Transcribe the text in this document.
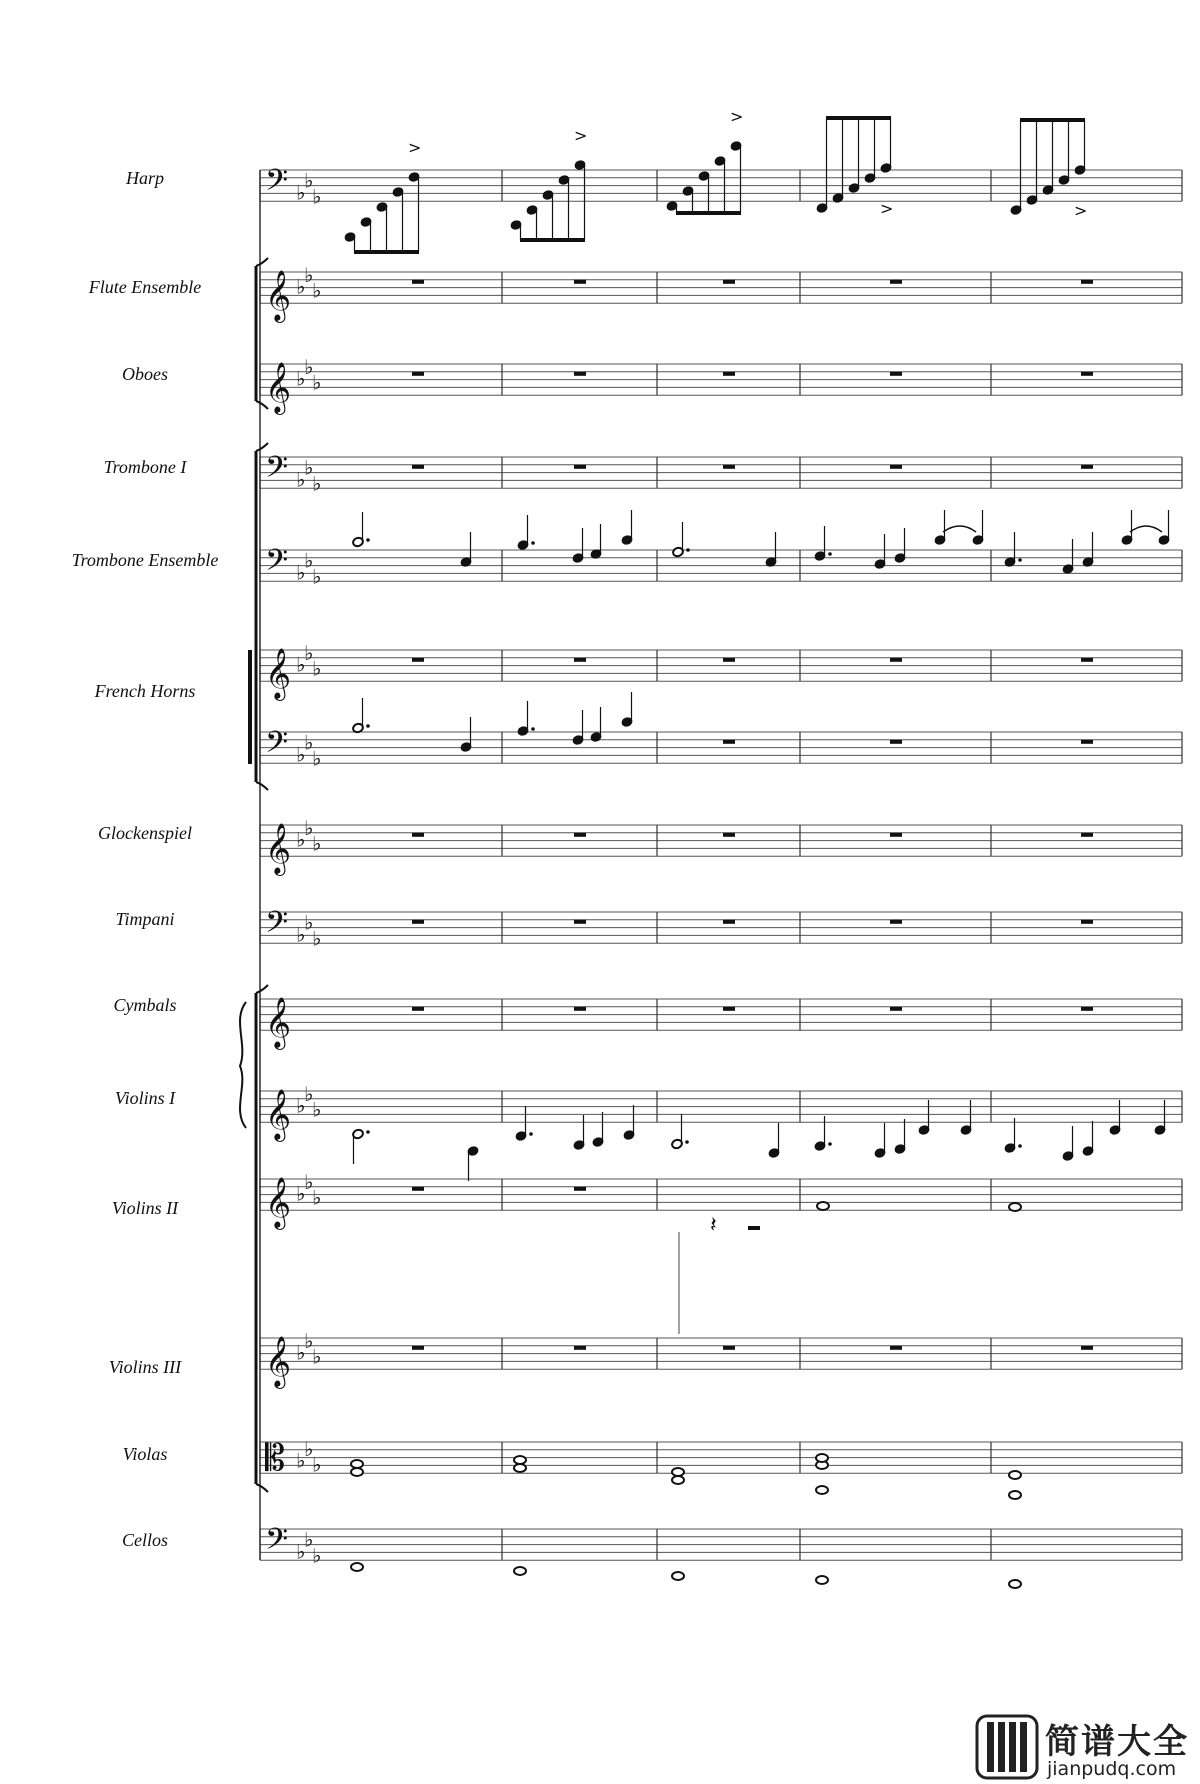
Harp
Flute Ensemble
Oboes
Trombone I
Trombone Ensemble
French Horns
Glockenspiel
Timpani
Cymbals
Violins I
Violins II
Violins III
Violas
Cellos
𝄢 ♭
♭
♭
𝄞 ♭
♭
♭
𝄞 ♭
♭
♭
𝄢 ♭
♭
♭
𝄢 ♭
♭
♭
𝄞 ♭
♭
♭
𝄢 ♭
♭
♭
𝄞 ♭
♭
♭
𝄢 ♭
♭
♭
𝄞
𝄞 ♭
♭
♭
𝄞 ♭
♭
♭
𝄞 ♭
♭
♭
𝄡 ♭
♭
♭
𝄢 ♭
♭
♭
𝄽
>
>
>
>	>
简谱大全
jianpudq.com
